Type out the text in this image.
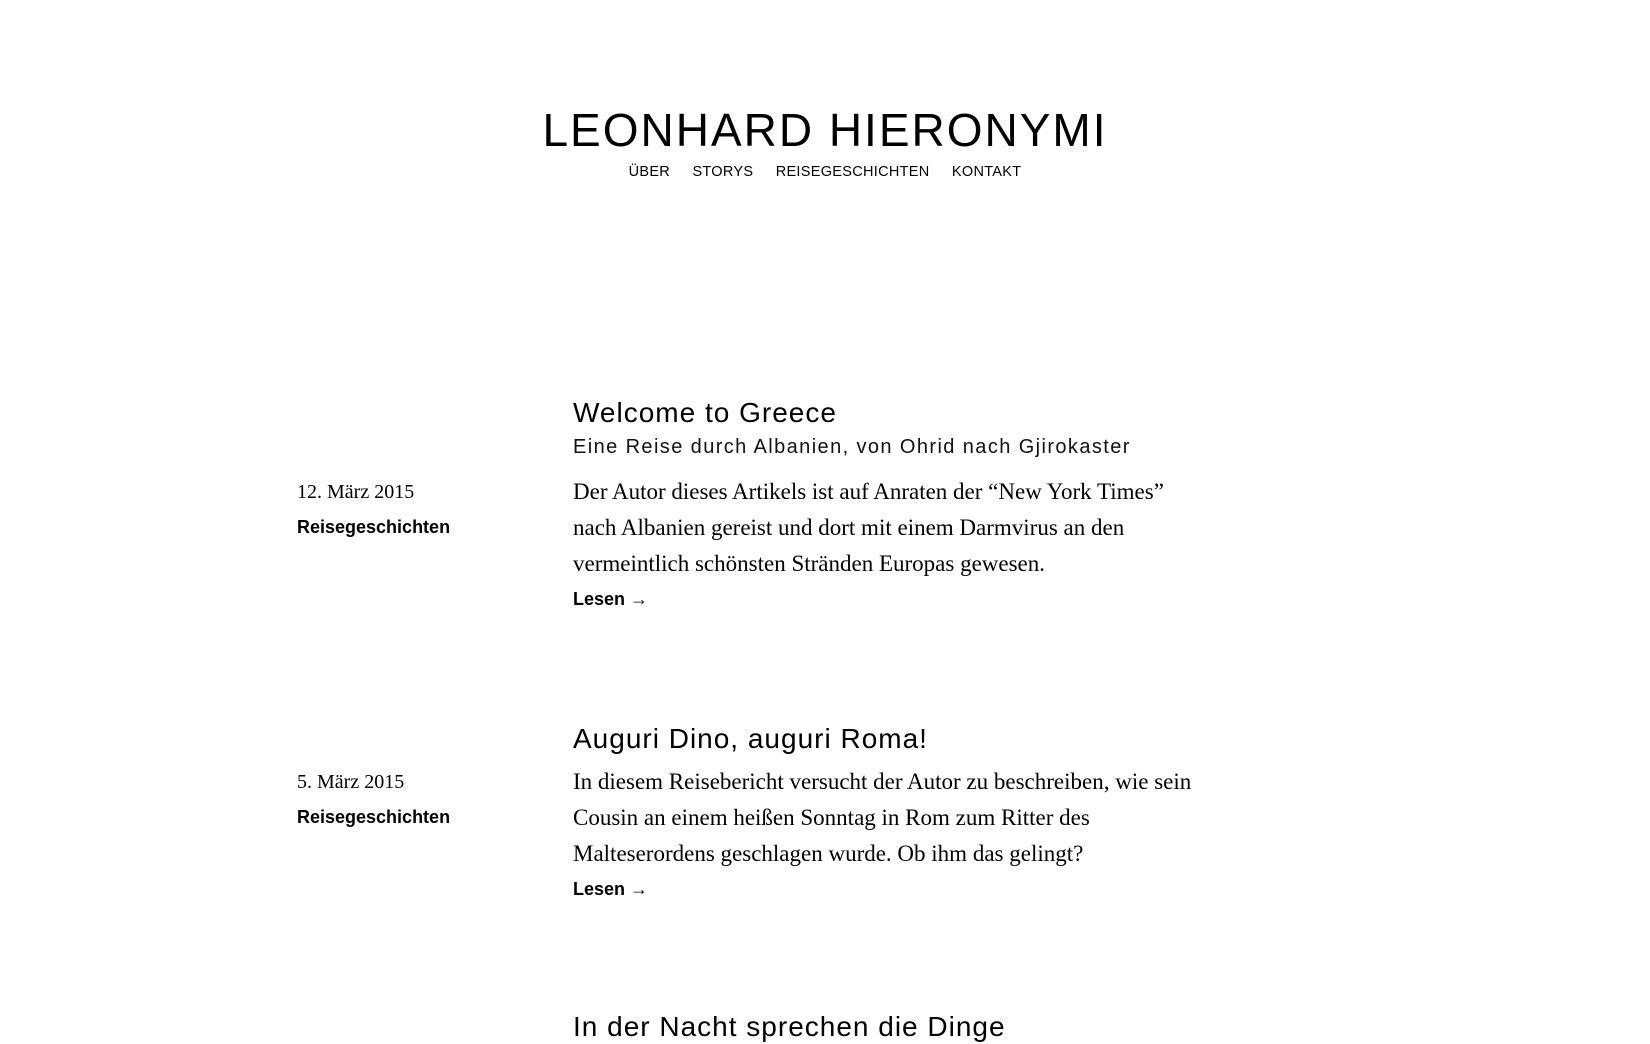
LEONHARD HIERONYMI
ÜBER STORYS REISEGESCHICHTEN KONTAKT
Welcome to Greece

Eine Reise durch Albanien, von Ohrid nach Gjirokaster

12. März 2015
Reisegeschichten

Der Autor dieses Artikels ist auf Anraten der “New York Times”
nach Albanien gereist und dort mit einem Darmvirus an den
vermeintlich schönsten Stränden Europas gewesen.

Lesen →
Auguri Dino, auguri Roma!
5. März 2015
Reisegeschichten

In diesem Reisebericht versucht der Autor zu beschreiben, wie sein
Cousin an einem heißen Sonntag in Rom zum Ritter des
Malteserordens geschlagen wurde. Ob ihm das gelingt?

Lesen →
In der Nacht sprechen die Dinge
